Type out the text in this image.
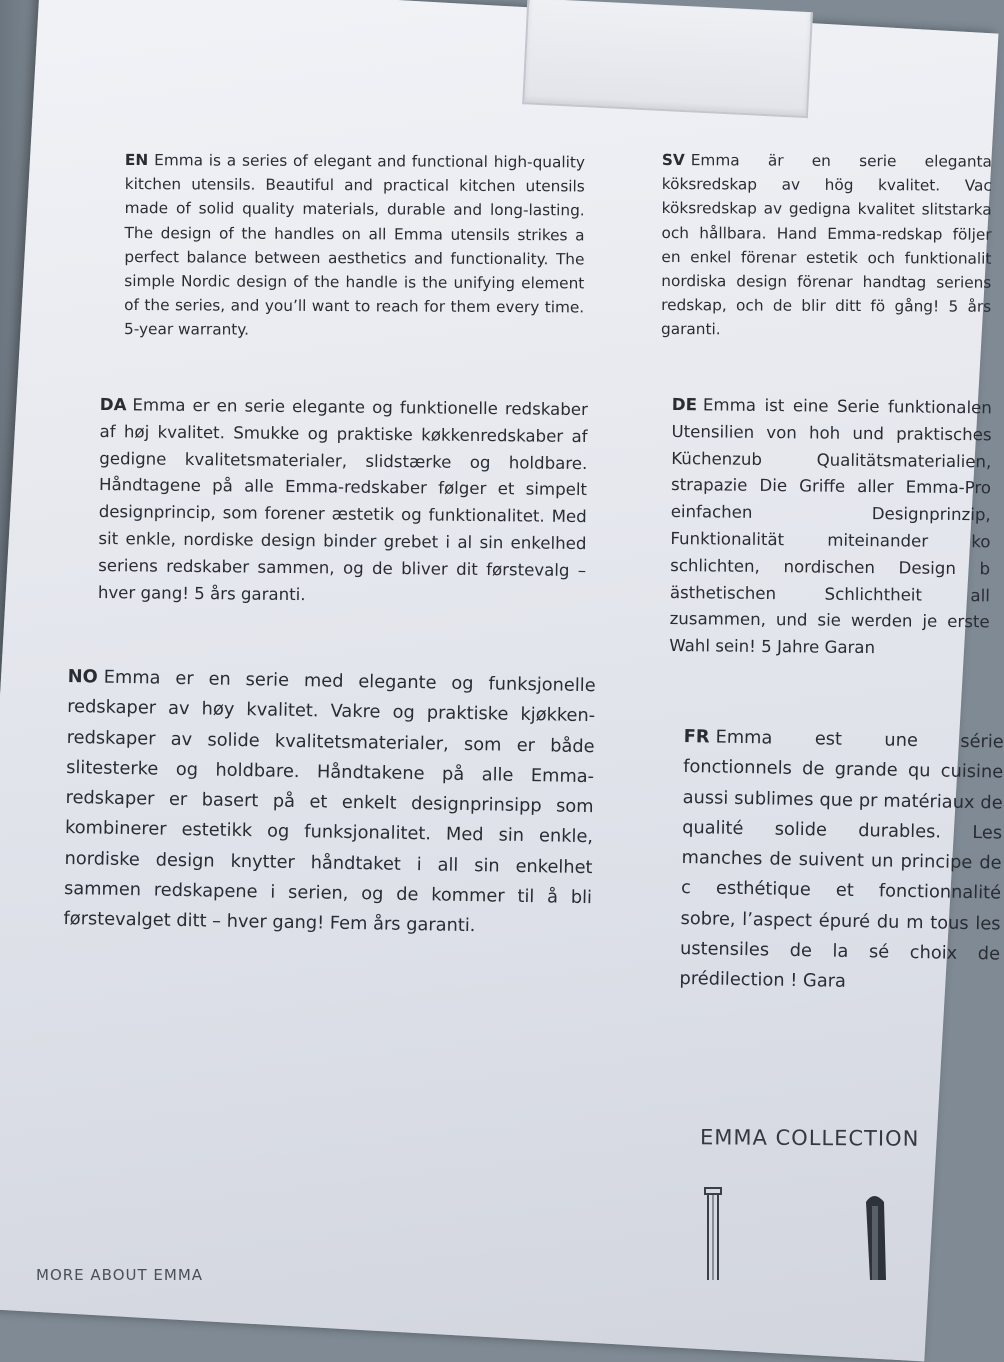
EN Emma is a series of elegant and functional high-quality kitchen utensils. Beautiful and practical kitchen utensils made of solid quality materials, durable and long-lasting. The design of the handles on all Emma utensils strikes a perfect balance between aesthetics and functionality. The simple Nordic design of the handle is the unifying element of the series, and you’ll want to reach for them every time. 5-year warranty.
DA Emma er en serie elegante og funktionelle redskaber af høj kvalitet. Smukke og praktiske køkkenredskaber af gedigne kvalitetsmaterialer, slidstærke og holdbare. Håndtagene på alle Emma-redskaber følger et simpelt designprincip, som forener æstetik og funktionalitet. Med sit enkle, nordiske design binder grebet i al sin enkelhed seriens redskaber sammen, og de bliver dit førstevalg – hver gang! 5 års garanti.
NO Emma er en serie med elegante og funksjonelle redskaper av høy kvalitet. Vakre og praktiske kjøkken-redskaper av solide kvalitetsmaterialer, som er både slitesterke og holdbare. Håndtakene på alle Emma-redskaper er basert på et enkelt designprinsipp som kombinerer estetikk og funksjonalitet. Med sin enkle, nordiske design knytter håndtaket i all sin enkelhet sammen redskapene i serien, og de kommer til å bli førstevalget ditt – hver gang! Fem års garanti.
SV Emma är en serie eleganta köksredskap av hög kvalitet. Vac köksredskap av gedigna kvalitet slitstarka och hållbara. Hand Emma-redskap följer en enkel förenar estetik och funktionalit nordiska design förenar handtag seriens redskap, och de blir ditt fö gång! 5 års garanti.
DE Emma ist eine Serie funktionalen Utensilien von hoh und praktisches Küchenzub Qualitätsmaterialien, strapazie Die Griffe aller Emma-Pro einfachen Designprinzip, Funktionalität miteinander ko schlichten, nordischen Design b ästhetischen Schlichtheit all zusammen, und sie werden je erste Wahl sein! 5 Jahre Garan
FR Emma est une série fonctionnels de grande qu cuisine aussi sublimes que pr matériaux de qualité solide durables. Les manches de suivent un principe de c esthétique et fonctionnalité sobre, l’aspect épuré du m tous les ustensiles de la sé choix de prédilection ! Gara
EMMA COLLECTION
MORE ABOUT EMMA
